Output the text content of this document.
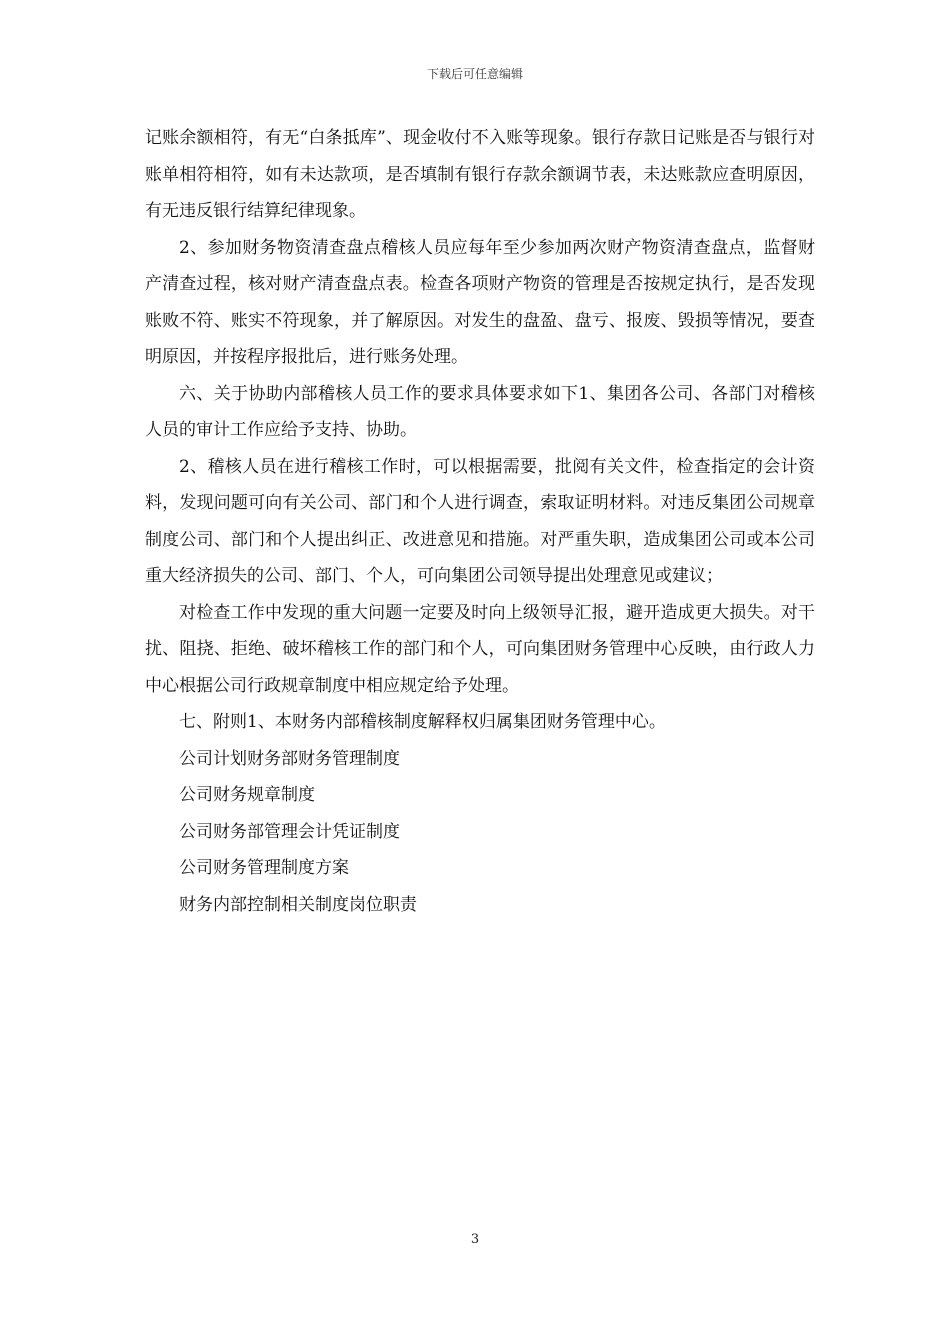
下载后可任意编辑

记账余额相符，有无“白条抵库”、现金收付不入账等现象。银行存款日记账是否与银行对账单相符相符，如有未达款项，是否填制有银行存款余额调节表，未达账款应查明原因，有无违反银行结算纪律现象。

2、参加财务物资清查盘点稽核人员应每年至少参加两次财产物资清查盘点，监督财产清查过程，核对财产清查盘点表。检查各项财产物资的管理是否按规定执行，是否发现账败不符、账实不符现象，并了解原因。对发生的盘盈、盘亏、报废、毁损等情况，要查明原因，并按程序报批后，进行账务处理。

六、关于协助内部稽核人员工作的要求具体要求如下1、集团各公司、各部门对稽核人员的审计工作应给予支持、协助。

2、稽核人员在进行稽核工作时，可以根据需要，批阅有关文件，检查指定的会计资料，发现问题可向有关公司、部门和个人进行调查，索取证明材料。对违反集团公司规章制度公司、部门和个人提出纠正、改进意见和措施。对严重失职，造成集团公司或本公司重大经济损失的公司、部门、个人，可向集团公司领导提出处理意见或建议；

对检查工作中发现的重大问题一定要及时向上级领导汇报，避开造成更大损失。对干扰、阻挠、拒绝、破坏稽核工作的部门和个人，可向集团财务管理中心反映，由行政人力中心根据公司行政规章制度中相应规定给予处理。

七、附则1、本财务内部稽核制度解释权归属集团财务管理中心。

公司计划财务部财务管理制度

公司财务规章制度

公司财务部管理会计凭证制度

公司财务管理制度方案

财务内部控制相关制度岗位职责

3
